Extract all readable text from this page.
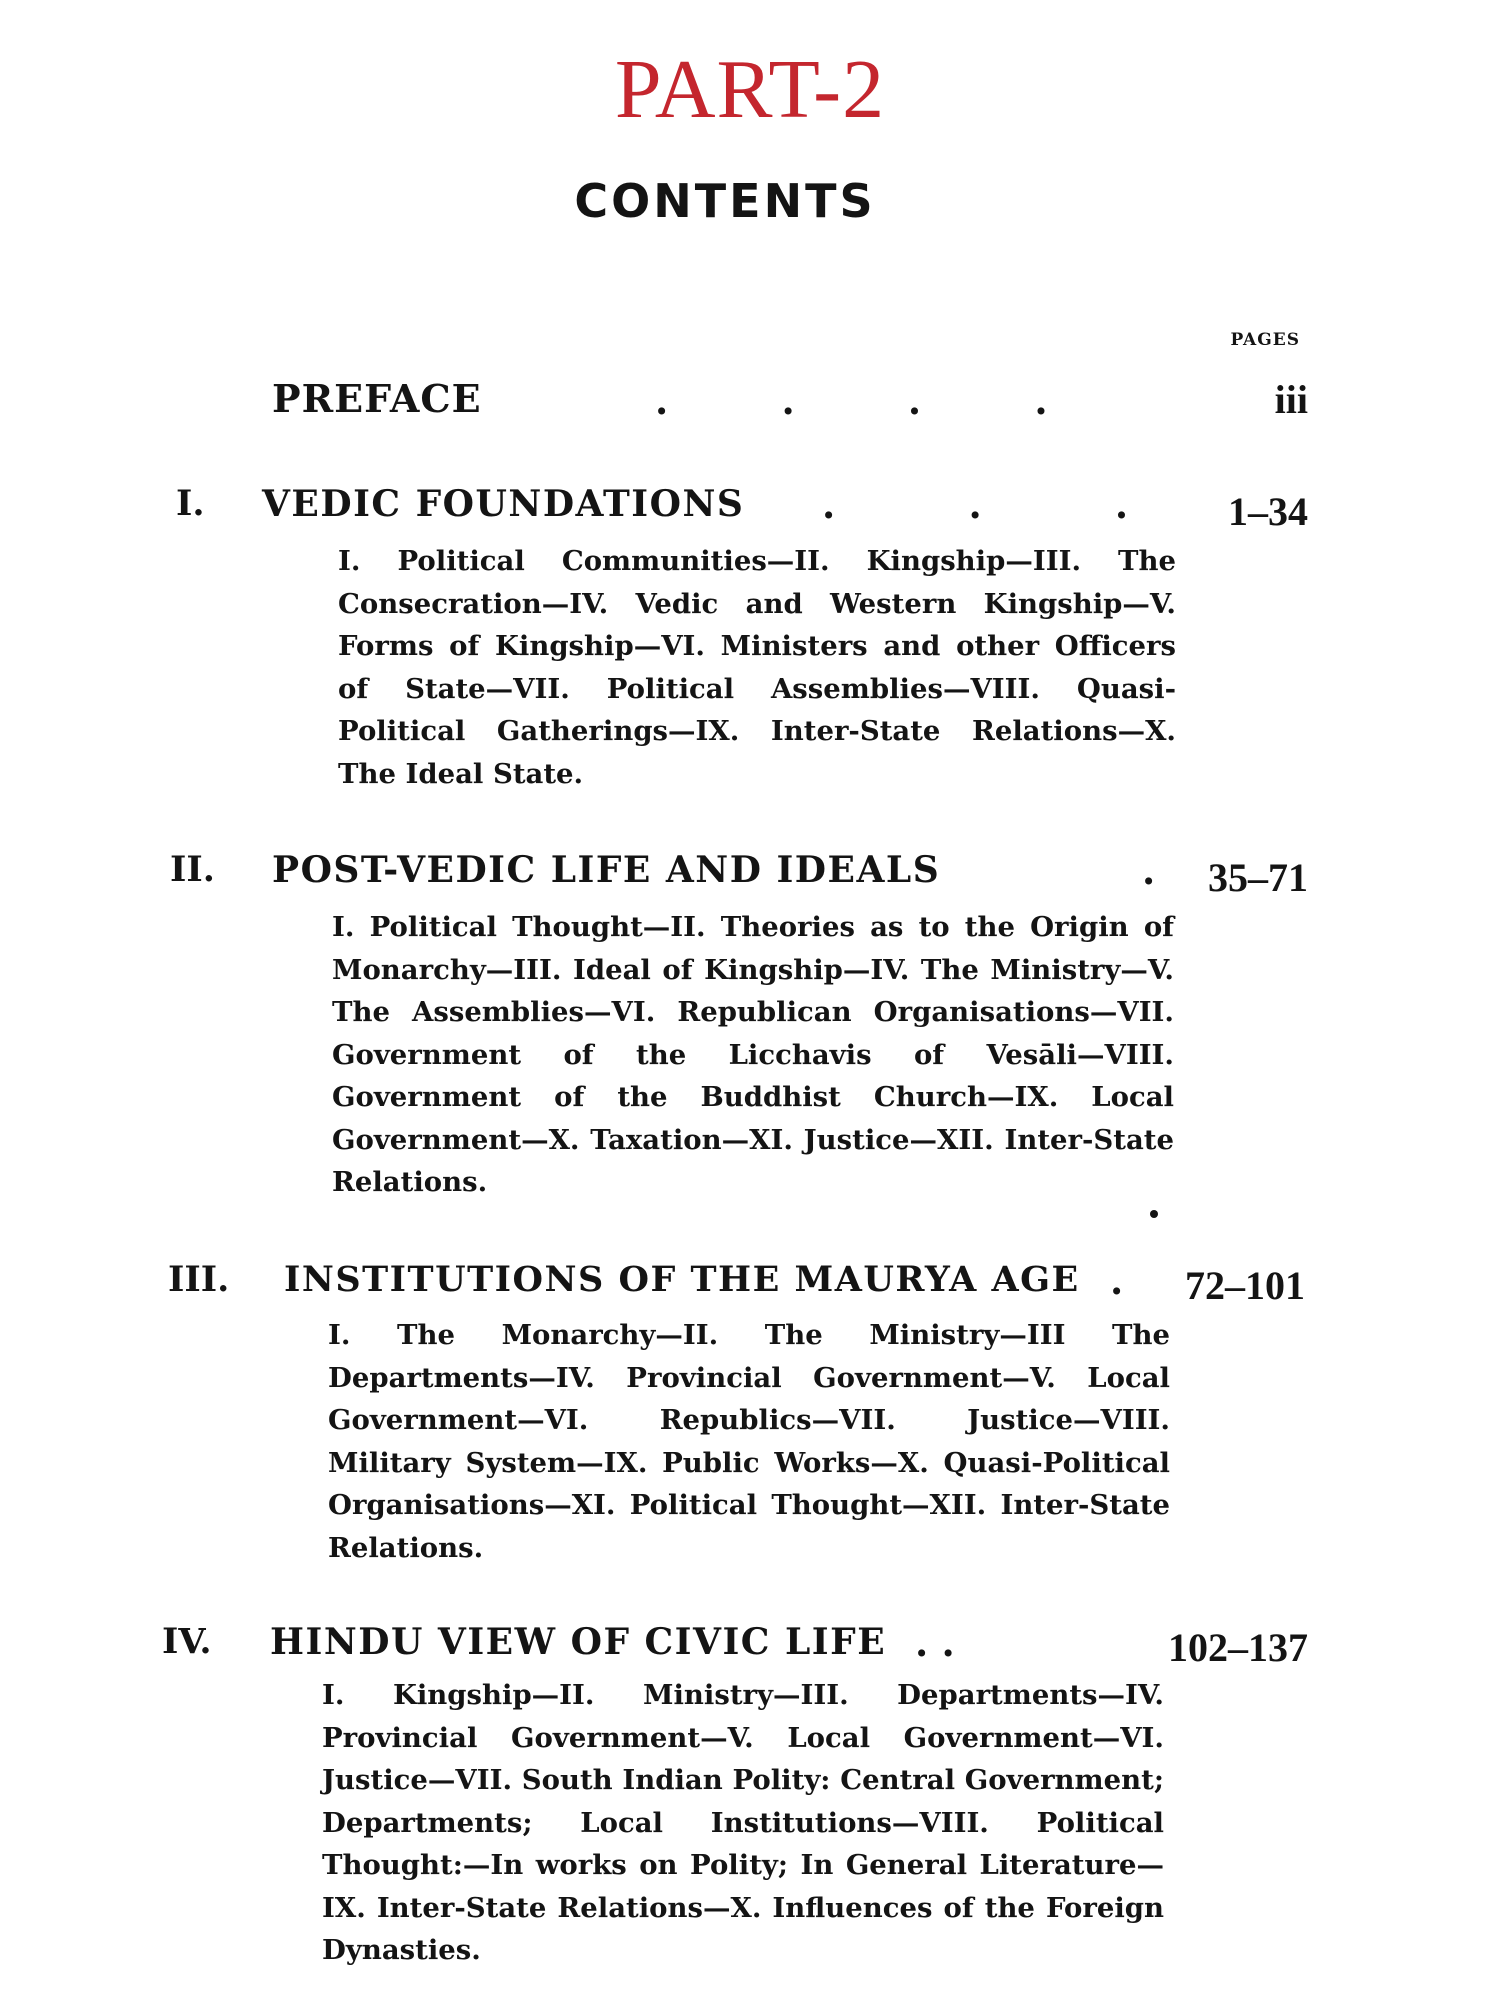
PART-2
CONTENTS
PAGES
PREFACE	. . . .	iii
I. VEDIC FOUNDATIONS . . .	1–34
I. Political Communities—II. Kingship—III. The Consecration—IV. Vedic and Western Kingship—V. Forms of Kingship—VI. Ministers and other Officers of State—VII. Political Assemblies—VIII. Quasi-Political Gatherings—IX. Inter-State Relations—X. The Ideal State.
II. POST-VEDIC LIFE AND IDEALS	.	35–71
I. Political Thought—II. Theories as to the Origin of Monarchy—III. Ideal of Kingship—IV. The Ministry—V. The Assemblies—VI. Republican Organisations—VII. Government of the Licchavis of Vesāli—VIII. Government of the Buddhist Church—IX. Local Government—X. Taxation—XI. Justice—XII. Inter-State Relations.
III. INSTITUTIONS OF THE MAURYA AGE .	72–101
I. The Monarchy—II. The Ministry—III The Departments—IV. Provincial Government—V. Local Government—VI. Republics—VII. Justice—VIII. Military System—IX. Public Works—X. Quasi-Political Organisations—XI. Political Thought—XII. Inter-State Relations.
IV. HINDU VIEW OF CIVIC LIFE . .	102–137
I. Kingship—II. Ministry—III. Departments—IV. Provincial Government—V. Local Government—VI. Justice—VII. South Indian Polity: Central Government; Departments; Local Institutions—VIII. Political Thought:—In works on Polity; In General Literature—IX. Inter-State Relations—X. Influences of the Foreign Dynasties.
